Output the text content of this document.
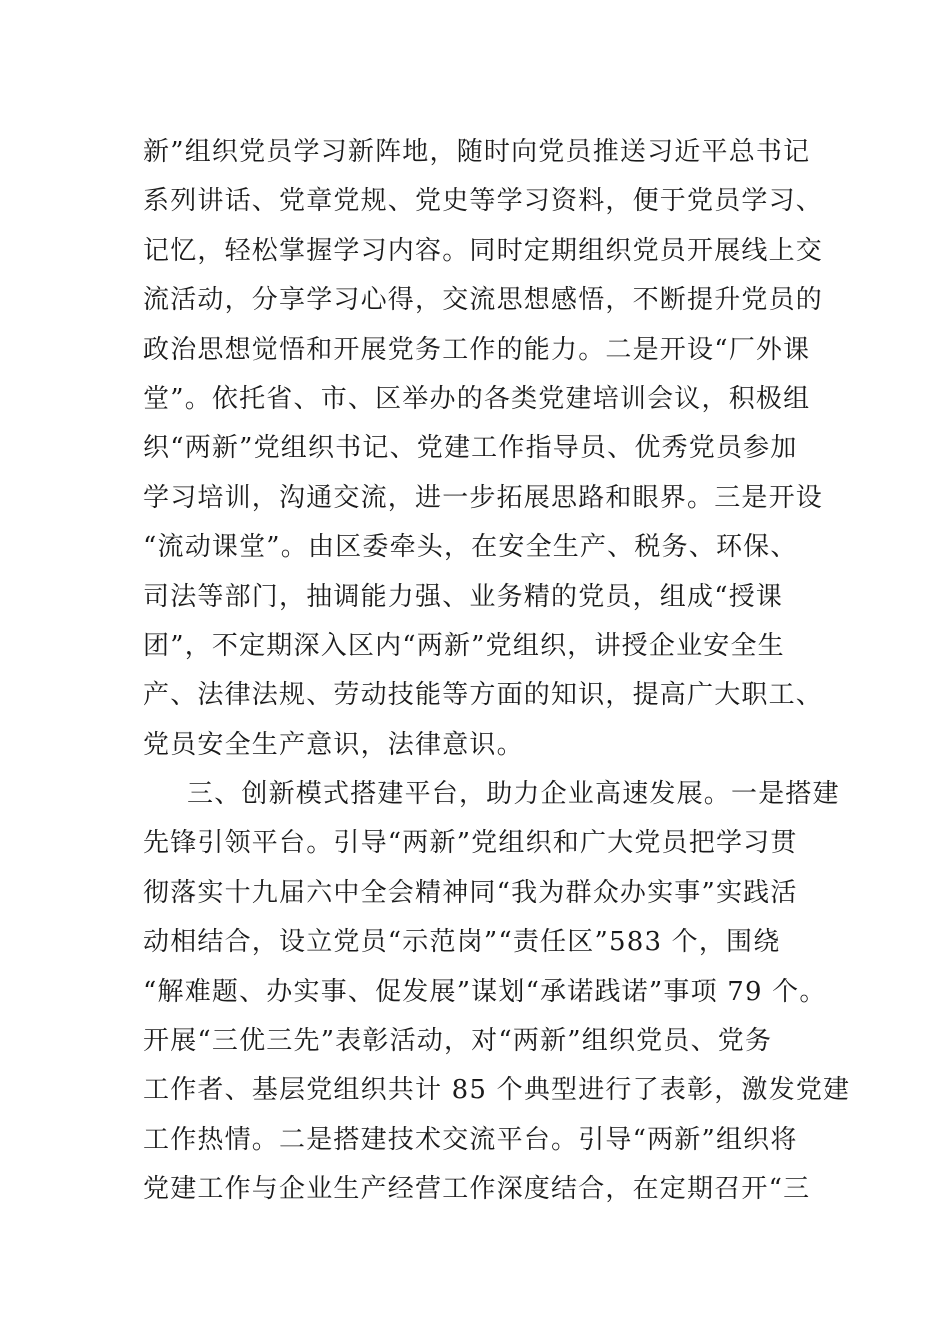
新”组织党员学习新阵地，随时向党员推送习近平总书记
系列讲话、党章党规、党史等学习资料，便于党员学习、
记忆，轻松掌握学习内容。同时定期组织党员开展线上交
流活动，分享学习心得，交流思想感悟，不断提升党员的
政治思想觉悟和开展党务工作的能力。二是开设“厂外课
堂”。依托省、市、区举办的各类党建培训会议，积极组
织“两新”党组织书记、党建工作指导员、优秀党员参加
学习培训，沟通交流，进一步拓展思路和眼界。三是开设
“流动课堂”。由区委牵头，在安全生产、税务、环保、
司法等部门，抽调能力强、业务精的党员，组成“授课
团”，不定期深入区内“两新”党组织，讲授企业安全生
产、法律法规、劳动技能等方面的知识，提高广大职工、
党员安全生产意识，法律意识。
三、创新模式搭建平台，助力企业高速发展。一是搭建
先锋引领平台。引导“两新”党组织和广大党员把学习贯
彻落实十九届六中全会精神同“我为群众办实事”实践活
动相结合，设立党员“示范岗”“责任区”583 个，围绕
“解难题、办实事、促发展”谋划“承诺践诺”事项 79 个。
开展“三优三先”表彰活动，对“两新”组织党员、党务
工作者、基层党组织共计 85 个典型进行了表彰，激发党建
工作热情。二是搭建技术交流平台。引导“两新”组织将
党建工作与企业生产经营工作深度结合，在定期召开“三
